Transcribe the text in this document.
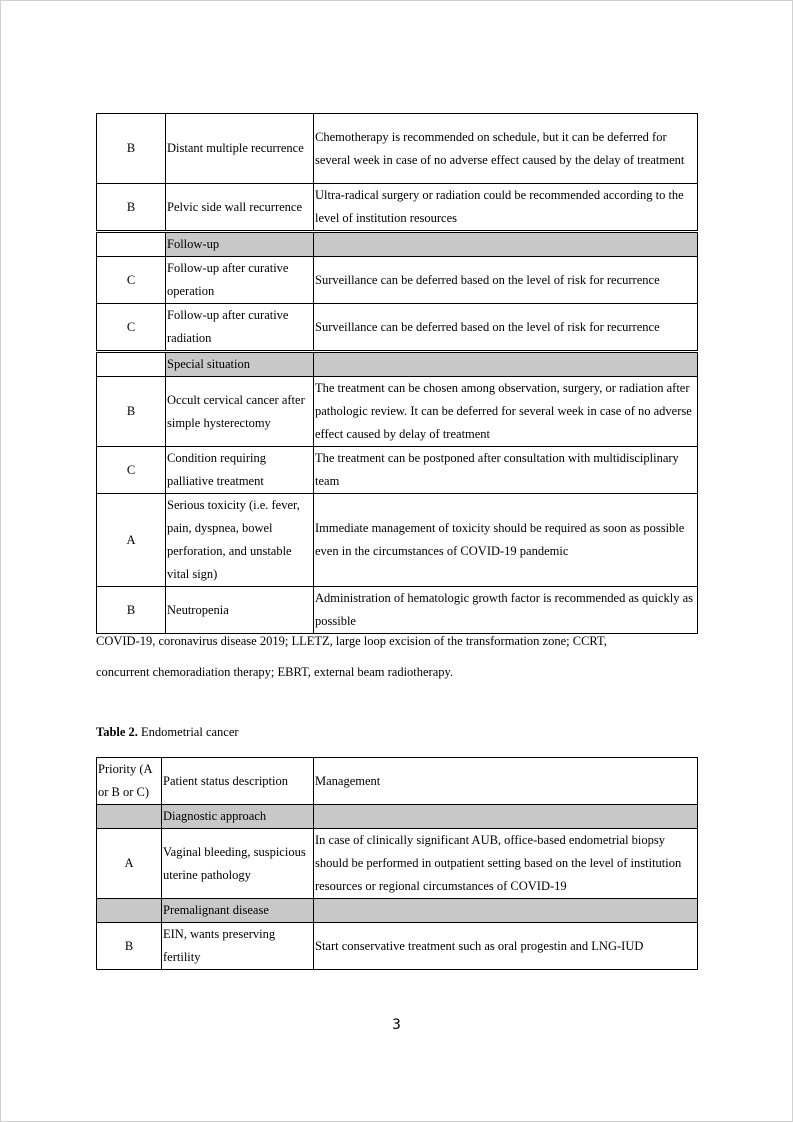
B	Distant multiple recurrence	Chemotherapy is recommended on schedule, but it can be deferred for several week in case of no adverse effect caused by the delay of treatment
B	Pelvic side wall recurrence	Ultra-radical surgery or radiation could be recommended according to the level of institution resources
	Follow-up	
C	Follow-up after curative operation	Surveillance can be deferred based on the level of risk for recurrence
C	Follow-up after curative radiation	Surveillance can be deferred based on the level of risk for recurrence
	Special situation	
B	Occult cervical cancer after simple hysterectomy	The treatment can be chosen among observation, surgery, or radiation after pathologic review. It can be deferred for several week in case of no adverse effect caused by delay of treatment
C	Condition requiring palliative treatment	The treatment can be postponed after consultation with multidisciplinary team
A	Serious toxicity (i.e. fever, pain, dyspnea, bowel perforation, and unstable vital sign)	Immediate management of toxicity should be required as soon as possible even in the circumstances of COVID-19 pandemic
B	Neutropenia	Administration of hematologic growth factor is recommended as quickly as possible
COVID-19, coronavirus disease 2019; LLETZ, large loop excision of the transformation zone; CCRT,
concurrent chemoradiation therapy; EBRT, external beam radiotherapy.
Table 2. Endometrial cancer
Priority (A or B or C)	Patient status description	Management
	Diagnostic approach	
A	Vaginal bleeding, suspicious uterine pathology	In case of clinically significant AUB, office-based endometrial biopsy should be performed in outpatient setting based on the level of institution resources or regional circumstances of COVID-19
	Premalignant disease	
B	EIN, wants preserving fertility	Start conservative treatment such as oral progestin and LNG-IUD
3
